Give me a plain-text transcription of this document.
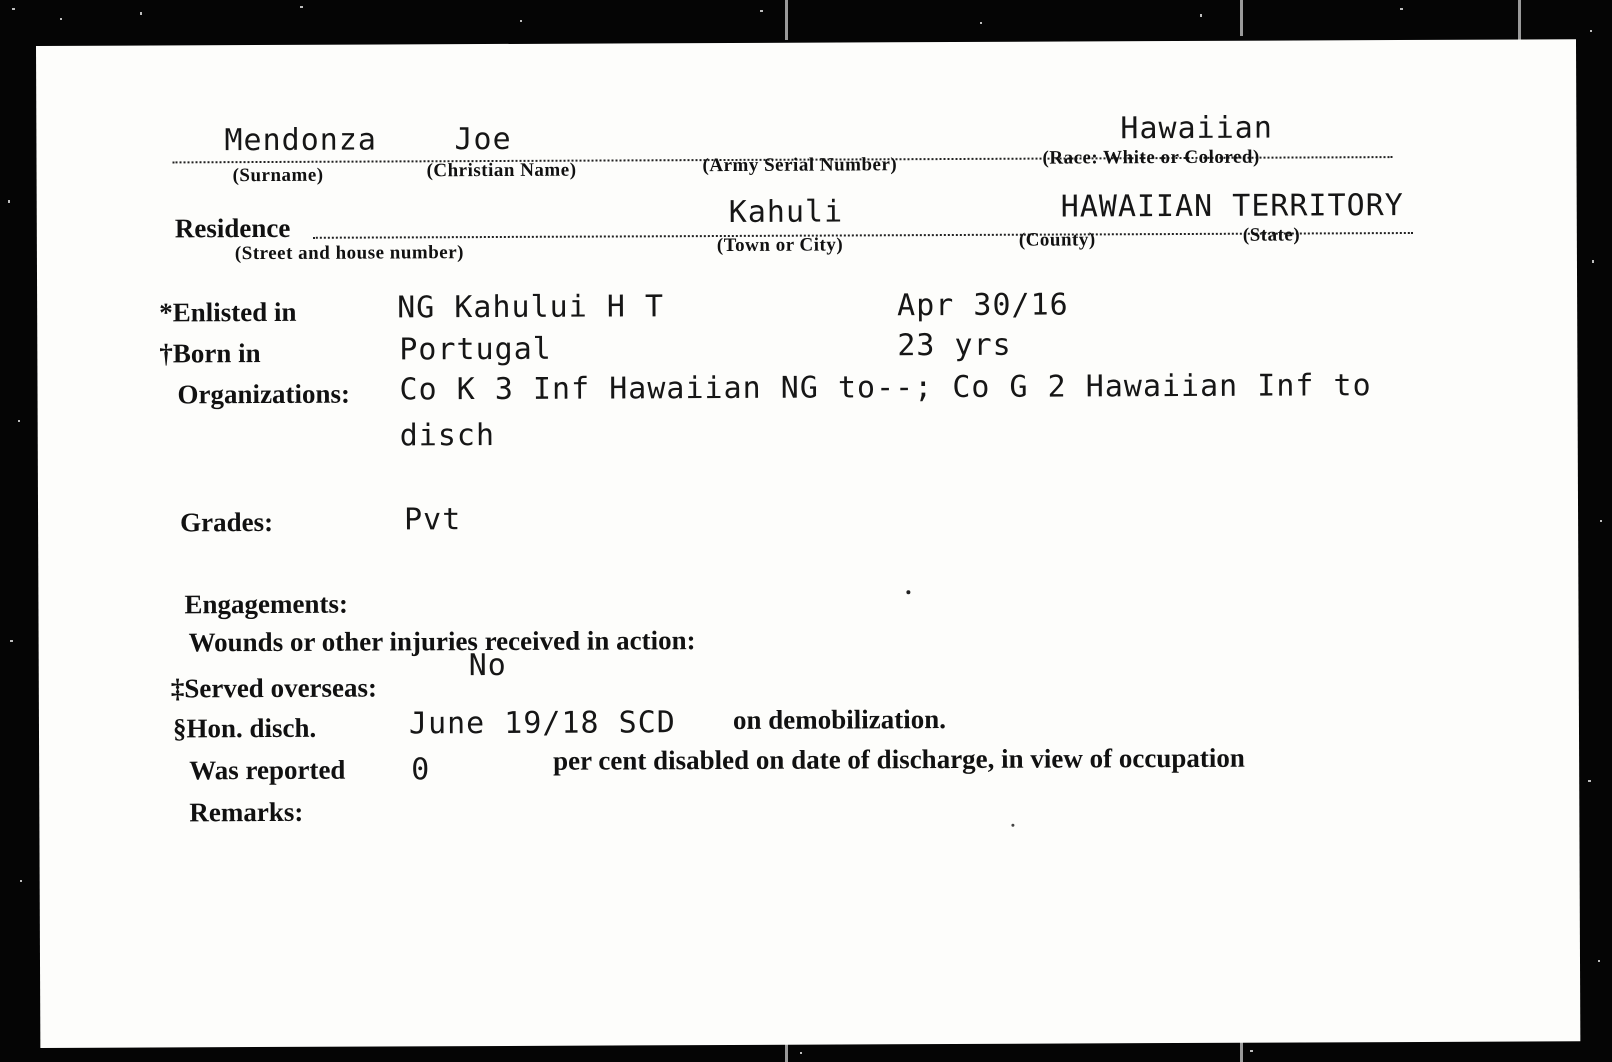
Mendonza	Joe	Hawaiian
(Surname)	(Christian Name)	(Army Serial Number)	(Race: White or Colored)
Residence	Kahuli	HAWAIIAN TERRITORY
(Street and house number)	(Town or City)	(County)	(State)
*Enlisted in	NG Kahului H T	Apr 30/16
†Born in	Portugal	23 yrs
Organizations: Co K 3 Inf Hawaiian NG to--; Co G 2 Hawaiian Inf to
disch
Grades:	Pvt
Engagements:
Wounds or other injuries received in action:
‡Served overseas:
No
§Hon. disch.	June 19/18 SCD on demobilization.
Was reported 0	per cent disabled on date of discharge, in view of occupation
Remarks:
